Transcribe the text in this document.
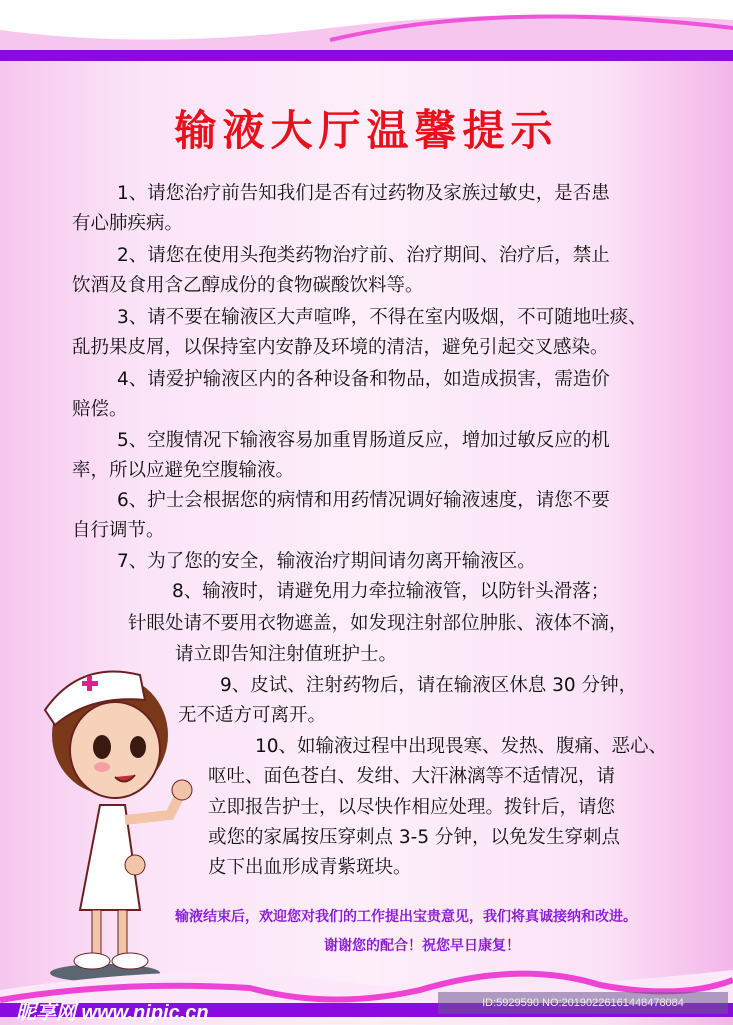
输液大厅温馨提示
1、请您治疗前告知我们是否有过药物及家族过敏史，是否患
有心肺疾病。
2、请您在使用头孢类药物治疗前、治疗期间、治疗后，禁止
饮酒及食用含乙醇成份的食物碳酸饮料等。
3、请不要在输液区大声喧哗，不得在室内吸烟，不可随地吐痰、
乱扔果皮屑，以保持室内安静及环境的清洁，避免引起交叉感染。
4、请爱护输液区内的各种设备和物品，如造成损害，需造价
赔偿。
5、空腹情况下输液容易加重胃肠道反应，增加过敏反应的机
率，所以应避免空腹输液。
6、护士会根据您的病情和用药情况调好输液速度，请您不要
自行调节。
7、为了您的安全，输液治疗期间请勿离开输液区。
8、输液时，请避免用力牵拉输液管，以防针头滑落；
针眼处请不要用衣物遮盖，如发现注射部位肿胀、液体不滴，
请立即告知注射值班护士。
9、皮试、注射药物后，请在输液区休息 30 分钟，
无不适方可离开。
10、如输液过程中出现畏寒、发热、腹痛、恶心、
呕吐、面色苍白、发绀、大汗淋漓等不适情况，请
立即报告护士，以尽快作相应处理。拨针后，请您
或您的家属按压穿刺点 3-5 分钟，以免发生穿刺点
皮下出血形成青紫斑块。
输液结束后，欢迎您对我们的工作提出宝贵意见，我们将真诚接纳和改进。
谢谢您的配合！祝您早日康复！
昵享网 www.nipic.cn	ID:5929590 NO:20190226161448478084
